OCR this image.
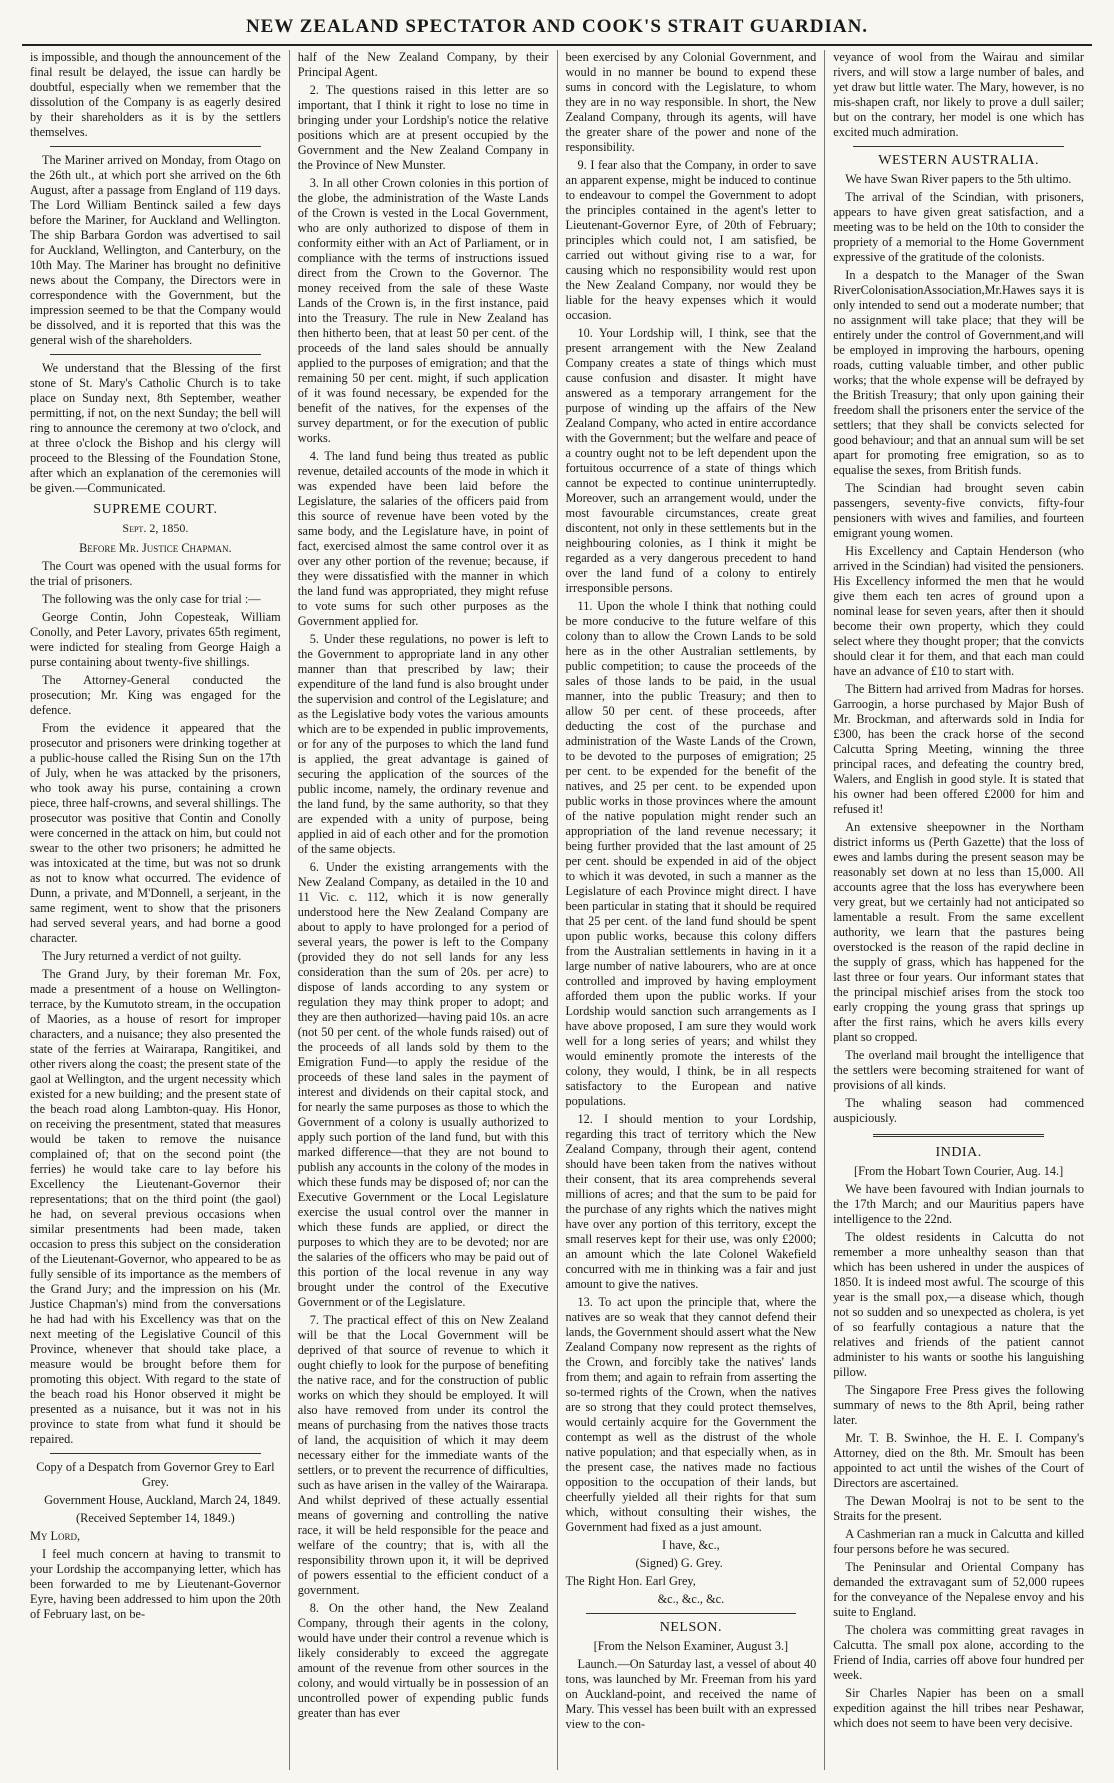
NEW ZEALAND SPECTATOR AND COOK'S STRAIT GUARDIAN.

is impossible, and though the announcement of the final result be delayed, the issue can hardly be doubtful, especially when we remember that the dissolution of the Company is as eagerly desired by their shareholders as it is by the settlers themselves.

The Mariner arrived on Monday, from Otago on the 26th ult., at which port she arrived on the 6th August, after a passage from England of 119 days. The Lord William Bentinck sailed a few days before the Mariner, for Auckland and Wellington. The ship Barbara Gordon was advertised to sail for Auckland, Wellington, and Canterbury, on the 10th May. The Mariner has brought no definitive news about the Company, the Directors were in correspondence with the Government, but the impression seemed to be that the Company would be dissolved, and it is reported that this was the general wish of the shareholders.

We understand that the Blessing of the first stone of St. Mary's Catholic Church is to take place on Sunday next, 8th September, weather permitting, if not, on the next Sunday; the bell will ring to announce the ceremony at two o'clock, and at three o'clock the Bishop and his clergy will proceed to the Blessing of the Foundation Stone, after which an explanation of the ceremonies will be given.—Communicated.

SUPREME COURT.
Sept. 2, 1850.

Before Mr. Justice Chapman.

The Court was opened with the usual forms for the trial of prisoners.

The following was the only case for trial :—

George Contin, John Copesteak, William Conolly, and Peter Lavory, privates 65th regiment, were indicted for stealing from George Haigh a purse containing about twenty-five shillings.

The Attorney-General conducted the prosecution; Mr. King was engaged for the defence.

From the evidence it appeared that the prosecutor and prisoners were drinking together at a public-house called the Rising Sun on the 17th of July, when he was attacked by the prisoners, who took away his purse, containing a crown piece, three half-crowns, and several shillings. The prosecutor was positive that Contin and Conolly were concerned in the attack on him, but could not swear to the other two prisoners; he admitted he was intoxicated at the time, but was not so drunk as not to know what occurred. The evidence of Dunn, a private, and M'Donnell, a serjeant, in the same regiment, went to show that the prisoners had served several years, and had borne a good character.

The Jury returned a verdict of not guilty.

The Grand Jury, by their foreman Mr. Fox, made a presentment of a house on Wellington-terrace, by the Kumutoto stream, in the occupation of Maories, as a house of resort for improper characters, and a nuisance; they also presented the state of the ferries at Wairarapa, Rangitikei, and other rivers along the coast; the present state of the gaol at Wellington, and the urgent necessity which existed for a new building; and the present state of the beach road along Lambton-quay. His Honor, on receiving the presentment, stated that measures would be taken to remove the nuisance complained of; that on the second point (the ferries) he would take care to lay before his Excellency the Lieutenant-Governor their representations; that on the third point (the gaol) he had, on several previous occasions when similar presentments had been made, taken occasion to press this subject on the consideration of the Lieutenant-Governor, who appeared to be as fully sensible of its importance as the members of the Grand Jury; and the impression on his (Mr. Justice Chapman's) mind from the conversations he had had with his Excellency was that on the next meeting of the Legislative Council of this Province, whenever that should take place, a measure would be brought before them for promoting this object. With regard to the state of the beach road his Honor observed it might be presented as a nuisance, but it was not in his province to state from what fund it should be repaired.

Copy of a Despatch from Governor Grey to Earl Grey.

Government House, Auckland, March 24, 1849.

(Received September 14, 1849.)

My Lord,

I feel much concern at having to transmit to your Lordship the accompanying letter, which has been forwarded to me by Lieutenant-Governor Eyre, having been addressed to him upon the 20th of February last, on be-

half of the New Zealand Company, by their Principal Agent.

2. The questions raised in this letter are so important, that I think it right to lose no time in bringing under your Lordship's notice the relative positions which are at present occupied by the Government and the New Zealand Company in the Province of New Munster.

3. In all other Crown colonies in this portion of the globe, the administration of the Waste Lands of the Crown is vested in the Local Government, who are only authorized to dispose of them in conformity either with an Act of Parliament, or in compliance with the terms of instructions issued direct from the Crown to the Governor. The money received from the sale of these Waste Lands of the Crown is, in the first instance, paid into the Treasury. The rule in New Zealand has then hitherto been, that at least 50 per cent. of the proceeds of the land sales should be annually applied to the purposes of emigration; and that the remaining 50 per cent. might, if such application of it was found necessary, be expended for the benefit of the natives, for the expenses of the survey department, or for the execution of public works.

4. The land fund being thus treated as public revenue, detailed accounts of the mode in which it was expended have been laid before the Legislature, the salaries of the officers paid from this source of revenue have been voted by the same body, and the Legislature have, in point of fact, exercised almost the same control over it as over any other portion of the revenue; because, if they were dissatisfied with the manner in which the land fund was appropriated, they might refuse to vote sums for such other purposes as the Government applied for.

5. Under these regulations, no power is left to the Government to appropriate land in any other manner than that prescribed by law; their expenditure of the land fund is also brought under the supervision and control of the Legislature; and as the Legislative body votes the various amounts which are to be expended in public improvements, or for any of the purposes to which the land fund is applied, the great advantage is gained of securing the application of the sources of the public income, namely, the ordinary revenue and the land fund, by the same authority, so that they are expended with a unity of purpose, being applied in aid of each other and for the promotion of the same objects.

6. Under the existing arrangements with the New Zealand Company, as detailed in the 10 and 11 Vic. c. 112, which it is now generally understood here the New Zealand Company are about to apply to have prolonged for a period of several years, the power is left to the Company (provided they do not sell lands for any less consideration than the sum of 20s. per acre) to dispose of lands according to any system or regulation they may think proper to adopt; and they are then authorized—having paid 10s. an acre (not 50 per cent. of the whole funds raised) out of the proceeds of all lands sold by them to the Emigration Fund—to apply the residue of the proceeds of these land sales in the payment of interest and dividends on their capital stock, and for nearly the same purposes as those to which the Government of a colony is usually authorized to apply such portion of the land fund, but with this marked difference—that they are not bound to publish any accounts in the colony of the modes in which these funds may be disposed of; nor can the Executive Government or the Local Legislature exercise the usual control over the manner in which these funds are applied, or direct the purposes to which they are to be devoted; nor are the salaries of the officers who may be paid out of this portion of the local revenue in any way brought under the control of the Executive Government or of the Legislature.

7. The practical effect of this on New Zealand will be that the Local Government will be deprived of that source of revenue to which it ought chiefly to look for the purpose of benefiting the native race, and for the construction of public works on which they should be employed. It will also have removed from under its control the means of purchasing from the natives those tracts of land, the acquisition of which it may deem necessary either for the immediate wants of the settlers, or to prevent the recurrence of difficulties, such as have arisen in the valley of the Wairarapa. And whilst deprived of these actually essential means of governing and controlling the native race, it will be held responsible for the peace and welfare of the country; that is, with all the responsibility thrown upon it, it will be deprived of powers essential to the efficient conduct of a government.

8. On the other hand, the New Zealand Company, through their agents in the colony, would have under their control a revenue which is likely considerably to exceed the aggregate amount of the revenue from other sources in the colony, and would virtually be in possession of an uncontrolled power of expending public funds greater than has ever

been exercised by any Colonial Government, and would in no manner be bound to expend these sums in concord with the Legislature, to whom they are in no way responsible. In short, the New Zealand Company, through its agents, will have the greater share of the power and none of the responsibility.

9. I fear also that the Company, in order to save an apparent expense, might be induced to continue to endeavour to compel the Government to adopt the principles contained in the agent's letter to Lieutenant-Governor Eyre, of 20th of February; principles which could not, I am satisfied, be carried out without giving rise to a war, for causing which no responsibility would rest upon the New Zealand Company, nor would they be liable for the heavy expenses which it would occasion.

10. Your Lordship will, I think, see that the present arrangement with the New Zealand Company creates a state of things which must cause confusion and disaster. It might have answered as a temporary arrangement for the purpose of winding up the affairs of the New Zealand Company, who acted in entire accordance with the Government; but the welfare and peace of a country ought not to be left dependent upon the fortuitous occurrence of a state of things which cannot be expected to continue uninterruptedly. Moreover, such an arrangement would, under the most favourable circumstances, create great discontent, not only in these settlements but in the neighbouring colonies, as I think it might be regarded as a very dangerous precedent to hand over the land fund of a colony to entirely irresponsible persons.

11. Upon the whole I think that nothing could be more conducive to the future welfare of this colony than to allow the Crown Lands to be sold here as in the other Australian settlements, by public competition; to cause the proceeds of the sales of those lands to be paid, in the usual manner, into the public Treasury; and then to allow 50 per cent. of these proceeds, after deducting the cost of the purchase and administration of the Waste Lands of the Crown, to be devoted to the purposes of emigration; 25 per cent. to be expended for the benefit of the natives, and 25 per cent. to be expended upon public works in those provinces where the amount of the native population might render such an appropriation of the land revenue necessary; it being further provided that the last amount of 25 per cent. should be expended in aid of the object to which it was devoted, in such a manner as the Legislature of each Province might direct. I have been particular in stating that it should be required that 25 per cent. of the land fund should be spent upon public works, because this colony differs from the Australian settlements in having in it a large number of native labourers, who are at once controlled and improved by having employment afforded them upon the public works. If your Lordship would sanction such arrangements as I have above proposed, I am sure they would work well for a long series of years; and whilst they would eminently promote the interests of the colony, they would, I think, be in all respects satisfactory to the European and native populations.

12. I should mention to your Lordship, regarding this tract of territory which the New Zealand Company, through their agent, contend should have been taken from the natives without their consent, that its area comprehends several millions of acres; and that the sum to be paid for the purchase of any rights which the natives might have over any portion of this territory, except the small reserves kept for their use, was only £2000; an amount which the late Colonel Wakefield concurred with me in thinking was a fair and just amount to give the natives.

13. To act upon the principle that, where the natives are so weak that they cannot defend their lands, the Government should assert what the New Zealand Company now represent as the rights of the Crown, and forcibly take the natives' lands from them; and again to refrain from asserting the so-termed rights of the Crown, when the natives are so strong that they could protect themselves, would certainly acquire for the Government the contempt as well as the distrust of the whole native population; and that especially when, as in the present case, the natives made no factious opposition to the occupation of their lands, but cheerfully yielded all their rights for that sum which, without consulting their wishes, the Government had fixed as a just amount.

I have, &c.,

(Signed) G. Grey.

The Right Hon. Earl Grey,

&c., &c., &c.

NELSON.

[From the Nelson Examiner, August 3.]

Launch.—On Saturday last, a vessel of about 40 tons, was launched by Mr. Freeman from his yard on Auckland-point, and received the name of Mary. This vessel has been built with an expressed view to the con-

veyance of wool from the Wairau and similar rivers, and will stow a large number of bales, and yet draw but little water. The Mary, however, is no mis-shapen craft, nor likely to prove a dull sailer; but on the contrary, her model is one which has excited much admiration.

WESTERN AUSTRALIA.

We have Swan River papers to the 5th ultimo.

The arrival of the Scindian, with prisoners, appears to have given great satisfaction, and a meeting was to be held on the 10th to consider the propriety of a memorial to the Home Government expressive of the gratitude of the colonists.

In a despatch to the Manager of the Swan RiverColonisationAssociation,Mr.Hawes says it is only intended to send out a moderate number; that no assignment will take place; that they will be entirely under the control of Government,and will be employed in improving the harbours, opening roads, cutting valuable timber, and other public works; that the whole expense will be defrayed by the British Treasury; that only upon gaining their freedom shall the prisoners enter the service of the settlers; that they shall be convicts selected for good behaviour; and that an annual sum will be set apart for promoting free emigration, so as to equalise the sexes, from British funds.

The Scindian had brought seven cabin passengers, seventy-five convicts, fifty-four pensioners with wives and families, and fourteen emigrant young women.

His Excellency and Captain Henderson (who arrived in the Scindian) had visited the pensioners. His Excellency informed the men that he would give them each ten acres of ground upon a nominal lease for seven years, after then it should become their own property, which they could select where they thought proper; that the convicts should clear it for them, and that each man could have an advance of £10 to start with.

The Bittern had arrived from Madras for horses. Garroogin, a horse purchased by Major Bush of Mr. Brockman, and afterwards sold in India for £300, has been the crack horse of the second Calcutta Spring Meeting, winning the three principal races, and defeating the country bred, Walers, and English in good style. It is stated that his owner had been offered £2000 for him and refused it!

An extensive sheepowner in the Northam district informs us (Perth Gazette) that the loss of ewes and lambs during the present season may be reasonably set down at no less than 15,000. All accounts agree that the loss has everywhere been very great, but we certainly had not anticipated so lamentable a result. From the same excellent authority, we learn that the pastures being overstocked is the reason of the rapid decline in the supply of grass, which has happened for the last three or four years. Our informant states that the principal mischief arises from the stock too early cropping the young grass that springs up after the first rains, which he avers kills every plant so cropped.

The overland mail brought the intelligence that the settlers were becoming straitened for want of provisions of all kinds.

The whaling season had commenced auspiciously.

INDIA.

[From the Hobart Town Courier, Aug. 14.]

We have been favoured with Indian journals to the 17th March; and our Mauritius papers have intelligence to the 22nd.

The oldest residents in Calcutta do not remember a more unhealthy season than that which has been ushered in under the auspices of 1850. It is indeed most awful. The scourge of this year is the small pox,—a disease which, though not so sudden and so unexpected as cholera, is yet of so fearfully contagious a nature that the relatives and friends of the patient cannot administer to his wants or soothe his languishing pillow.

The Singapore Free Press gives the following summary of news to the 8th April, being rather later.

Mr. T. B. Swinhoe, the H. E. I. Company's Attorney, died on the 8th. Mr. Smoult has been appointed to act until the wishes of the Court of Directors are ascertained.

The Dewan Moolraj is not to be sent to the Straits for the present.

A Cashmerian ran a muck in Calcutta and killed four persons before he was secured.

The Peninsular and Oriental Company has demanded the extravagant sum of 52,000 rupees for the conveyance of the Nepalese envoy and his suite to England.

The cholera was committing great ravages in Calcutta. The small pox alone, according to the Friend of India, carries off above four hundred per week.

Sir Charles Napier has been on a small expedition against the hill tribes near Peshawar, which does not seem to have been very decisive.
